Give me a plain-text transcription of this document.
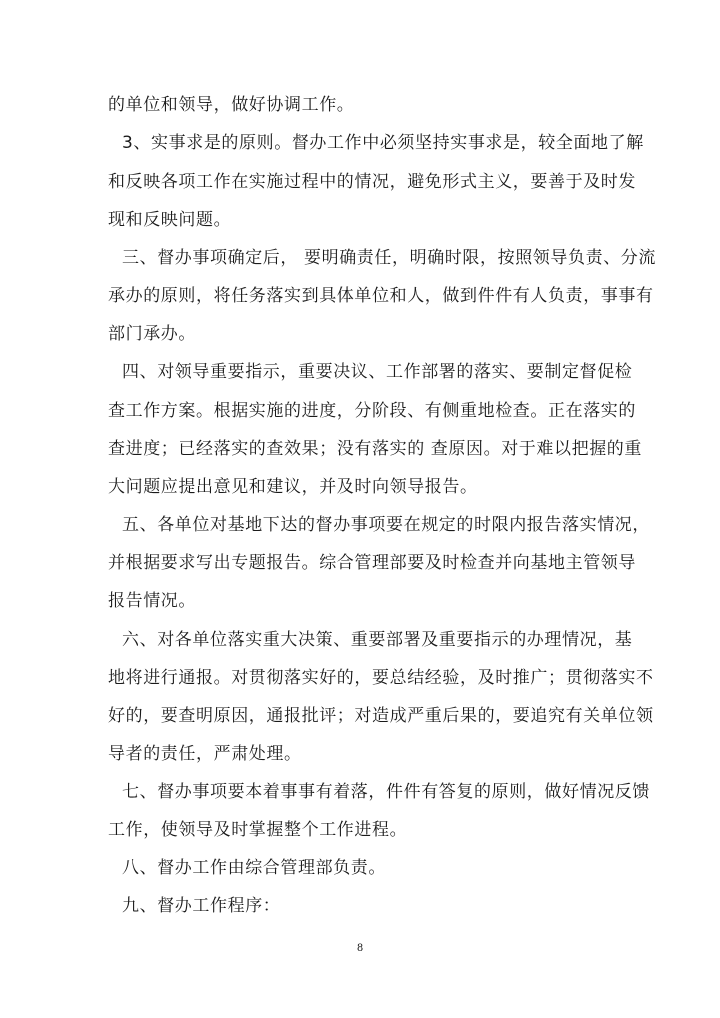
的单位和领导，做好协调工作。
3、实事求是的原则。督办工作中必须坚持实事求是，较全面地了解
和反映各项工作在实施过程中的情况，避免形式主义，要善于及时发
现和反映问题。
三、督办事项确定后， 要明确责任，明确时限，按照领导负责、分流
承办的原则，将任务落实到具体单位和人，做到件件有人负责，事事有
部门承办。
四、对领导重要指示，重要决议、工作部署的落实、要制定督促检
查工作方案。根据实施的进度，分阶段、有侧重地检查。正在落实的
查进度；已经落实的查效果；没有落实的 查原因。对于难以把握的重
大问题应提出意见和建议，并及时向领导报告。
五、各单位对基地下达的督办事项要在规定的时限内报告落实情况，
并根据要求写出专题报告。综合管理部要及时检查并向基地主管领导
报告情况。
六、对各单位落实重大决策、重要部署及重要指示的办理情况，基
地将进行通报。对贯彻落实好的，要总结经验，及时推广；贯彻落实不
好的，要查明原因，通报批评；对造成严重后果的，要追究有关单位领
导者的责任，严肃处理。
七、督办事项要本着事事有着落，件件有答复的原则，做好情况反馈
工作，使领导及时掌握整个工作进程。
八、督办工作由综合管理部负责。
九、督办工作程序：
8
